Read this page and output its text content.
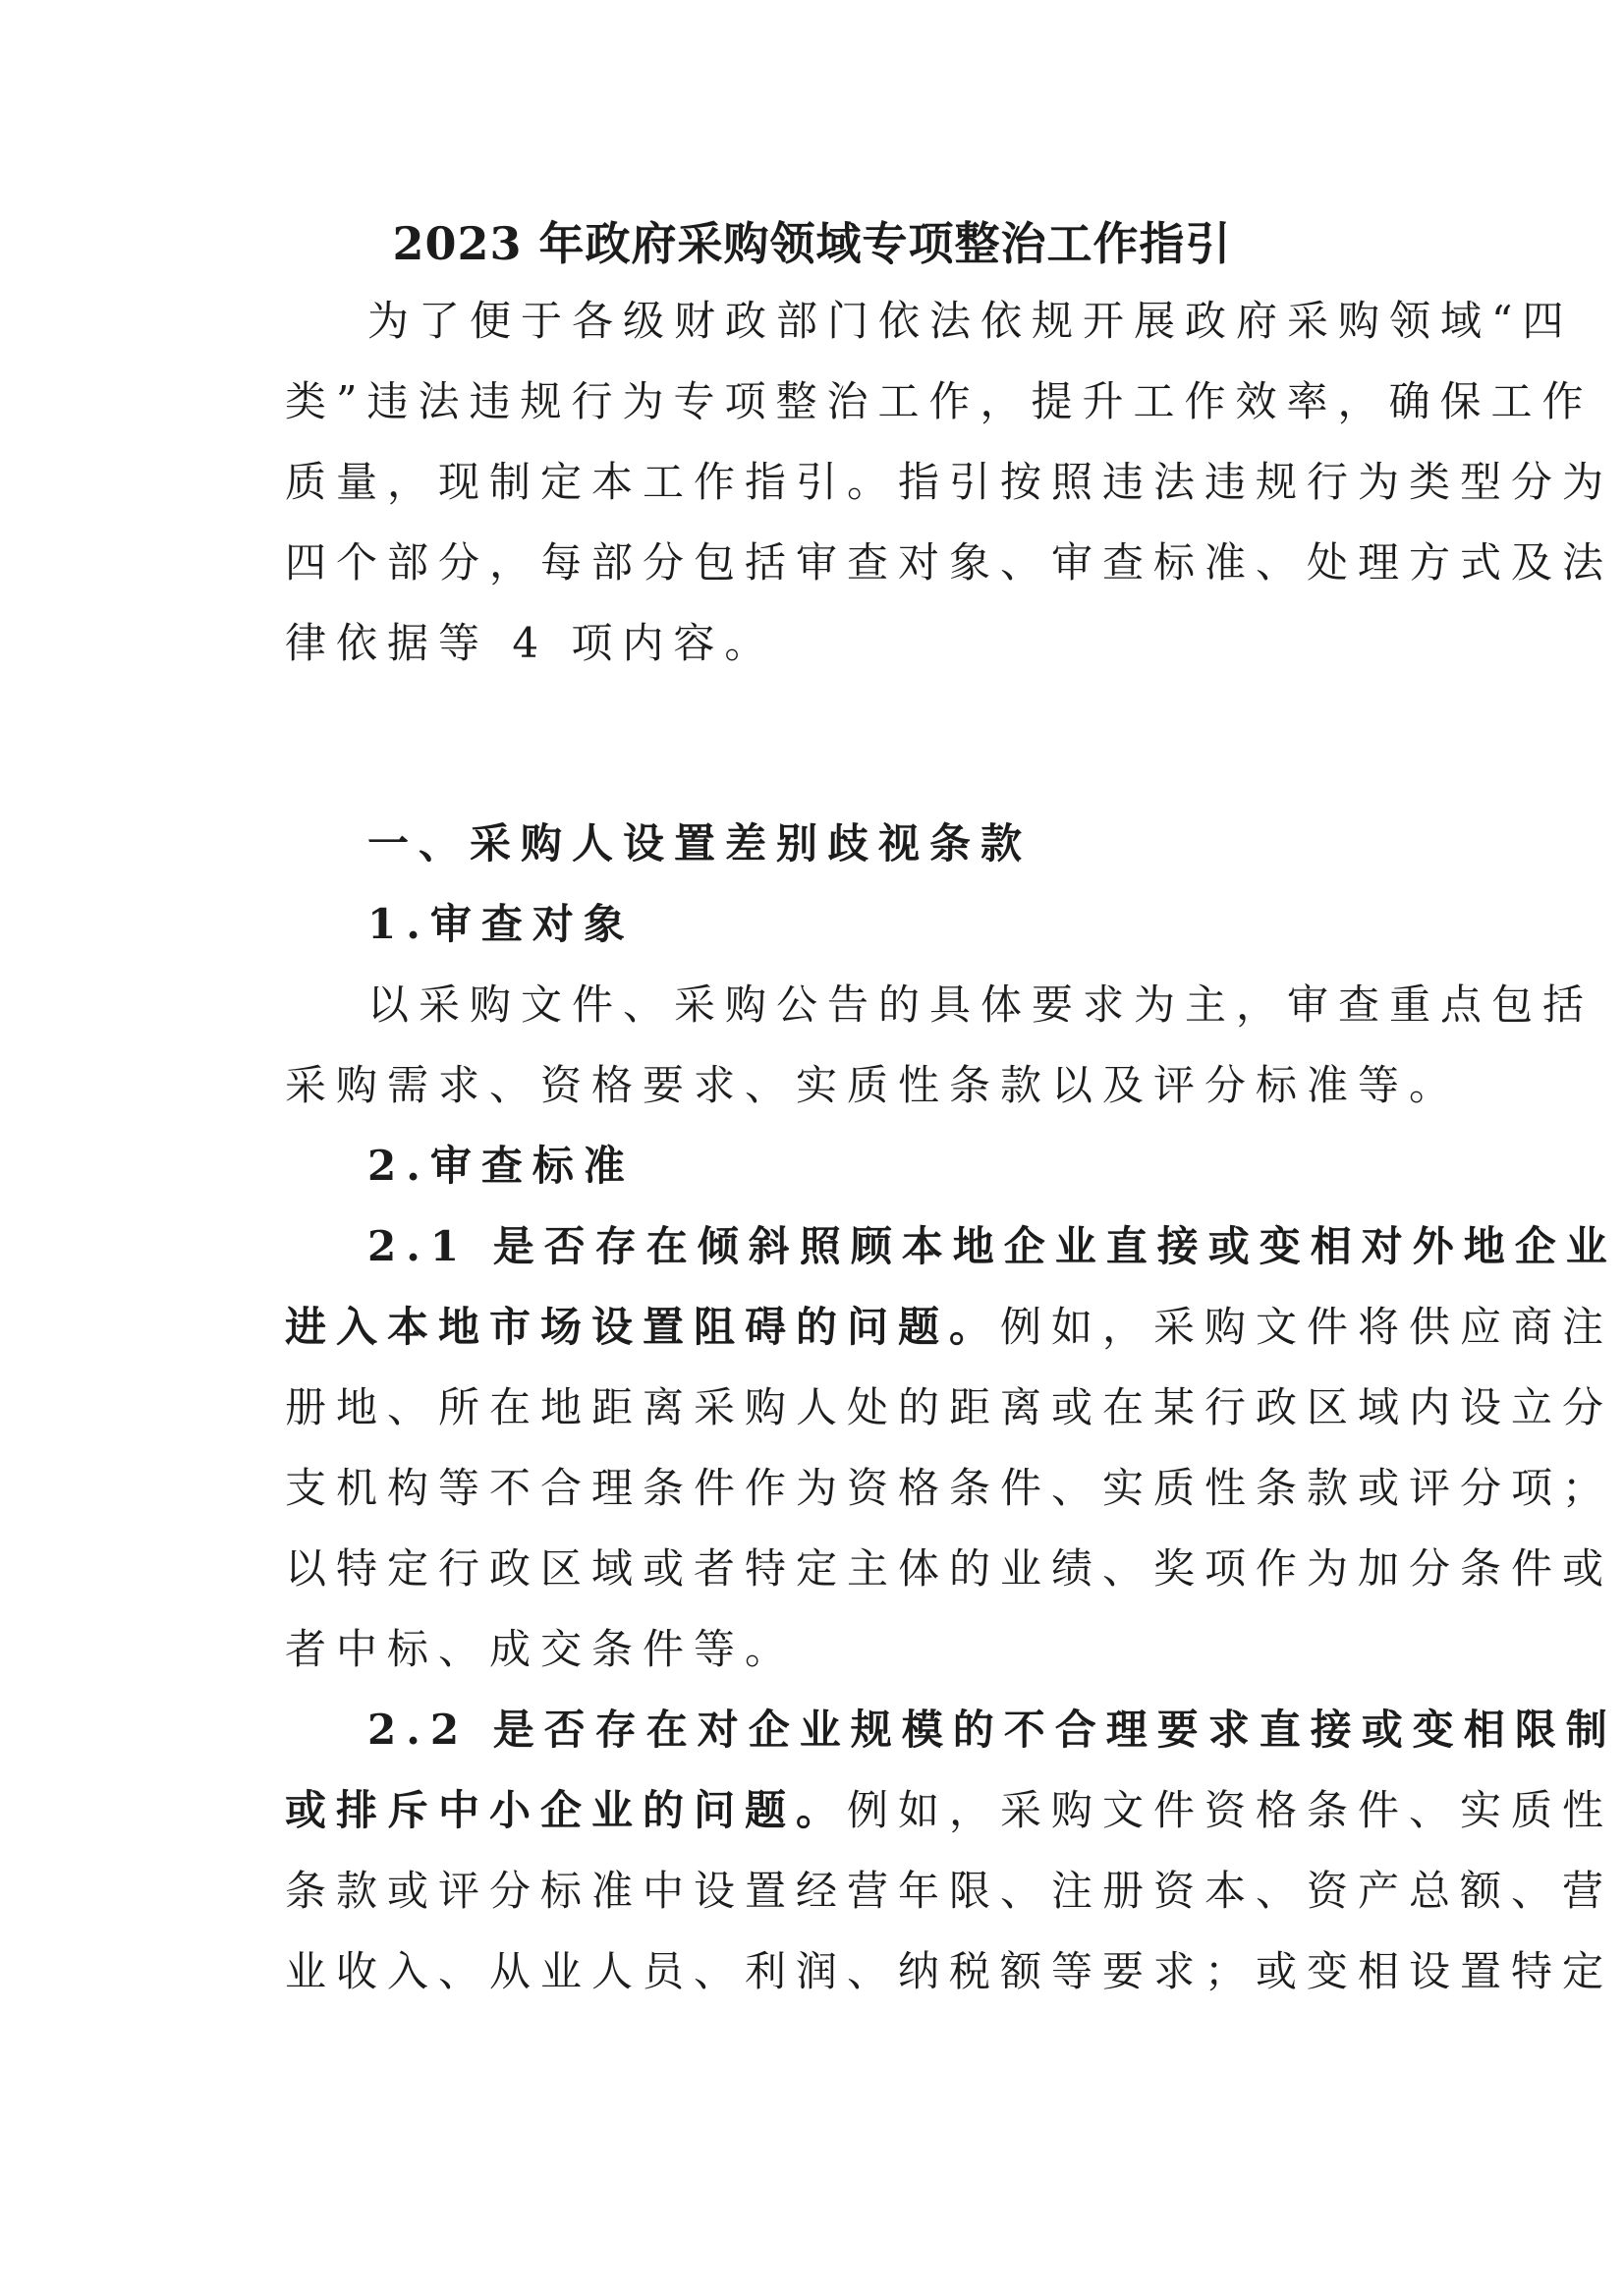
2023 年政府采购领域专项整治工作指引

为了便于各级财政部门依法依规开展政府采购领域“四

类”违法违规行为专项整治工作，提升工作效率，确保工作
质量，现制定本工作指引。指引按照违法违规行为类型分为
四个部分，每部分包括审查对象、审查标准、处理方式及法
律依据等 4 项内容。

一、采购人设置差别歧视条款

1.审查对象

以采购文件、采购公告的具体要求为主，审查重点包括

采购需求、资格要求、实质性条款以及评分标准等。

2.审查标准

2.1 是否存在倾斜照顾本地企业直接或变相对外地企业

进入本地市场设置阻碍的问题。例如，采购文件将供应商注
册地、所在地距离采购人处的距离或在某行政区域内设立分
支机构等不合理条件作为资格条件、实质性条款或评分项；
以特定行政区域或者特定主体的业绩、奖项作为加分条件或
者中标、成交条件等。

2.2 是否存在对企业规模的不合理要求直接或变相限制

或排斥中小企业的问题。例如，采购文件资格条件、实质性
条款或评分标准中设置经营年限、注册资本、资产总额、营
业收入、从业人员、利润、纳税额等要求；或变相设置特定
